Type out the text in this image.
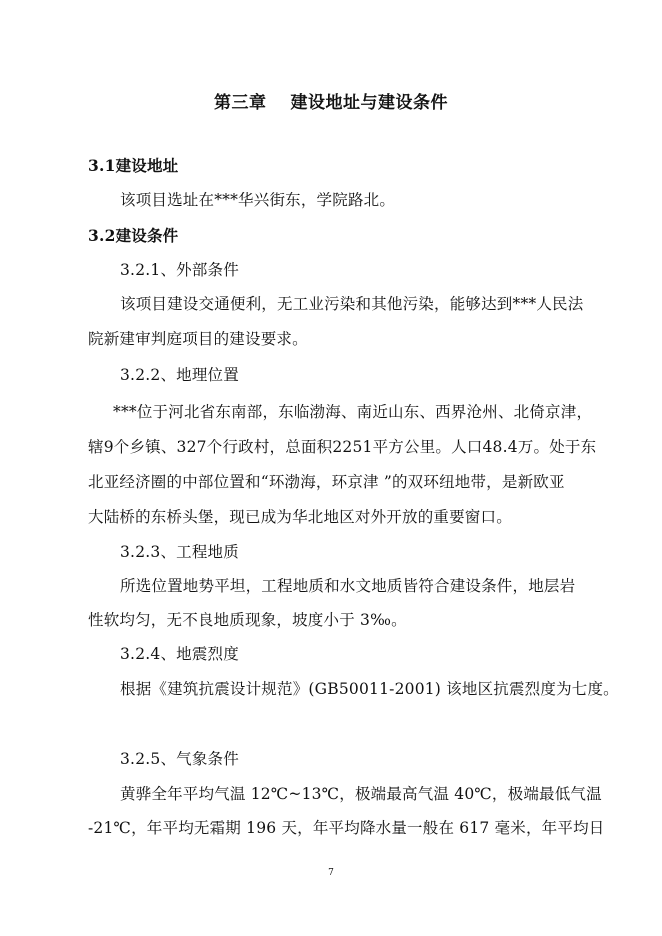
第三章　 建设地址与建设条件
3.1建设地址
该项目选址在***华兴街东，学院路北。
3.2建设条件
3.2.1、外部条件
该项目建设交通便利，无工业污染和其他污染，能够达到***人民法
院新建审判庭项目的建设要求。
3.2.2、地理位置
***位于河北省东南部，东临渤海、南近山东、西界沧州、北倚京津，
辖9个乡镇、327个行政村，总面积2251平方公里。人口48.4万。处于东
北亚经济圈的中部位置和“环渤海，环京津 ”的双环纽地带，是新欧亚
大陆桥的东桥头堡，现已成为华北地区对外开放的重要窗口。
3.2.3、工程地质
所选位置地势平坦，工程地质和水文地质皆符合建设条件，地层岩
性软均匀，无不良地质现象，坡度小于 3‰。
3.2.4、地震烈度
根据《建筑抗震设计规范》(GB50011-2001) 该地区抗震烈度为七度。
3.2.5、气象条件
黄骅全年平均气温 12℃~13℃，极端最高气温 40℃，极端最低气温
-21℃，年平均无霜期 196 天，年平均降水量一般在 617 毫米，年平均日
7
